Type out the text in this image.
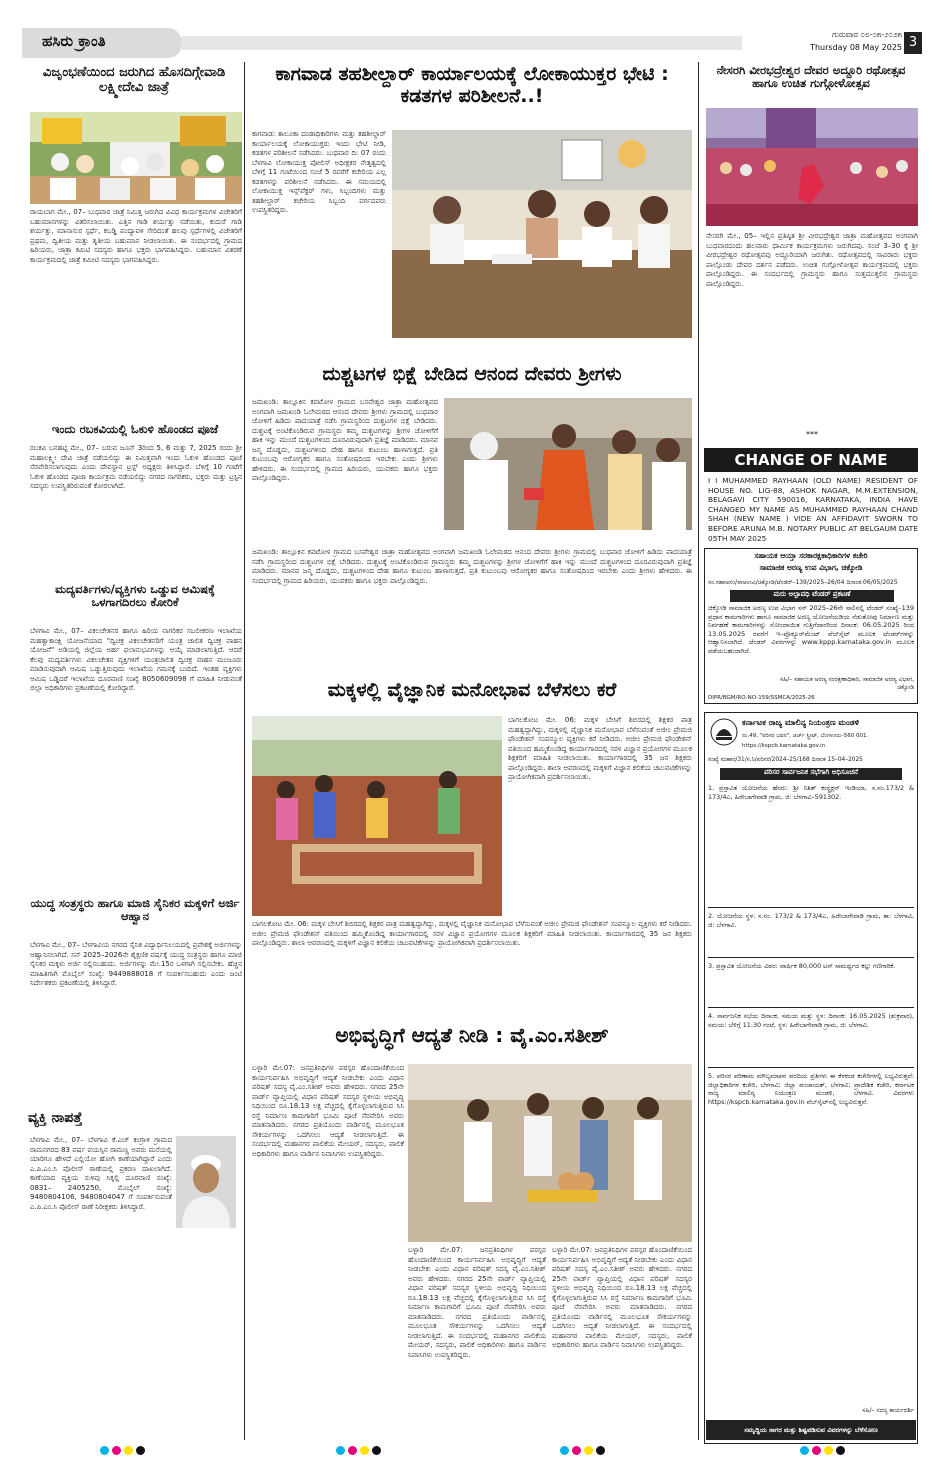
ಹಸಿರು ಕ್ರಾಂತಿ	ಗುರುವಾರ ೦೮-೦೫-೨೦೨೫
Thursday 08 May 2025 3
ವಿಜೃಂಭಣೆಯಿಂದ ಜರುಗಿದ ಹೊಸದಿಗ್ಗೇವಾಡಿ ಲಕ್ಷ್ಮೀದೇವಿ ಜಾತ್ರೆ
ರಾಯಬಾಗ ಮೇ., 07– ಬುಧವಾರ ಜಾತ್ರೆ ನಿಮಿತ್ತ ಜರುಗಿದ ವಿವಿಧ ಕಾರ್ಯಕ್ರಮಗಳ ವಿಜೇತರಿಗೆ ಬಹುಮಾನಗಳನ್ನು ವಿತರಿಸಲಾಯಿತು. ಎತ್ತಿನ ಗಾಡಿ ಶರ್ಯತ್ತು ನಡೆಯಿತು, ಕುದುರೆ ಗಾಡಿ ಶರ್ಯತ್ತು, ಮಾನಾಸುರ ಸ್ಪರ್ಧೆ, ಕಬಡ್ಡಿ ಪಂದ್ಯಾವಳಿ ಸೇರಿದಂತೆ ಹಲವು ಸ್ಪರ್ಧೆಗಳಲ್ಲಿ ವಿಜೇತರಿಗೆ ಪ್ರಥಮ, ದ್ವಿತೀಯ ಮತ್ತು ತೃತೀಯ ಬಹುಮಾನ ನೀಡಲಾಯಿತು. ಈ ಸಂದರ್ಭದಲ್ಲಿ ಗ್ರಾಮದ ಹಿರಿಯರು, ಜಾತ್ರಾ ಕಮಿಟಿ ಸದಸ್ಯರು ಹಾಗೂ ಭಕ್ತರು ಭಾಗವಹಿಸಿದ್ದರು. ಬಹುಮಾನ ವಿತರಣೆ ಕಾರ್ಯಕ್ರಮದಲ್ಲಿ ಜಾತ್ರೆ ಕಮೀಟಿ ಸದಸ್ಯರು ಭಾಗವಹಿಸಿದ್ದರು.
ಇಂದು ರಬಕವಿಯಲ್ಲಿ ಓಕುಳಿ ಹೊಂಡದ ಪೂಜೆ
ರಬಕವಿ ಬನಹಟ್ಟಿ ಮೇ., 07– ಬರುವ ಜೂನ್ 3ರಿಂದ 5, 6 ಮತ್ತು 7, 2025 ರಂದು ಶ್ರೀ ಮಹಾಲಕ್ಷ್ಮೀ ದೇವಿ ಜಾತ್ರೆ ನಡೆಯಲಿದ್ದು ಈ ನಿಮಿತ್ತವಾಗಿ ಇಂದು ಓಕುಳಿ ಹೊಂಡದ ಪೂಜೆ ನೆರವೇರಿಸಲಾಗುವುದು ಎಂದು ದೇವಸ್ಥಾನ ಟ್ರಸ್ಟ್ ಅಧ್ಯಕ್ಷರು ತಿಳಿಸಿದ್ದಾರೆ. ಬೆಳಿಗ್ಗೆ 10 ಗಂಟೆಗೆ ಓಕುಳಿ ಹೊಂಡದ ಪೂಜಾ ಕಾರ್ಯಕ್ರಮ ನಡೆಯಲಿದ್ದು ನಗರದ ನಾಗರಿಕರು, ಭಕ್ತರು ಮತ್ತು ಟ್ರಸ್ಟಿನ ಸದಸ್ಯರು ಉಪಸ್ಥಿತರಿರುವಂತೆ ಕೋರಲಾಗಿದೆ.
ಮದ್ಯವರ್ತಿಗಳು/ವ್ಯಕ್ತಿಗಳು ಒಡ್ಡುವ ಆಮಿಷಕ್ಕೆ ಒಳಗಾಗದಿರಲು ಕೋರಿಕೆ
ಬೆಳಗಾವಿ ಮೇ., 07– ವಿಕಲಚೇತನರ ಹಾಗೂ ಹಿರಿಯ ನಾಗರಿಕರ ಸಬಲೀಕರಣ ಇಲಾಖೆಯ ಮಹತ್ವಾಕಾಂಕ್ಷಿ ಯೋಜನೆಯಾದ "ದ್ವಿಚಕ್ರ ವಿಕಲಚೇತನರಿಗೆ ಯಂತ್ರ ಚಾಲಿತ ದ್ವಿಚಕ್ರ ವಾಹನ ಯೋಜನೆ" ಅಡಿಯಲ್ಲಿ ಜಿಲ್ಲೆಯ ಅರ್ಹ ಫಲಾನುಭವಿಗಳನ್ನು ಆಯ್ಕೆ ಮಾಡಲಾಗುತ್ತಿದೆ. ಆದರೆ ಕೆಲವು ಮದ್ಯವರ್ತಿಗಳು ವಿಕಲಚೇತನ ವ್ಯಕ್ತಿಗಳಿಗೆ ಯಂತ್ರಚಾಲಿತ ದ್ವಿಚಕ್ರ ವಾಹನ ಮಂಜೂರು ಮಾಡಿಸುವುದಾಗಿ ಆಮಿಷ ಒಡ್ಡುತ್ತಿರುವುದು ಇಲಾಖೆಯ ಗಮನಕ್ಕೆ ಬಂದಿದೆ. ಇಂತಹ ವ್ಯಕ್ತಿಗಳು ಆಮಿಷ ಒಡ್ಡಿದರೆ ಇಲಾಖೆಯ ದೂರವಾಣಿ ಸಂಖ್ಯೆ 8050609098 ಗೆ ಮಾಹಿತಿ ನೀಡುವಂತೆ ಜಿಲ್ಲಾ ಅಧಿಕಾರಿಗಳು ಪ್ರಕಟಣೆಯಲ್ಲಿ ಕೋರಿದ್ದಾರೆ.
ಯುದ್ಧ ಸಂತ್ರಸ್ಥರು ಹಾಗೂ ಮಾಜಿ ಸೈನಿಕರ ಮಕ್ಕಳಿಗೆ ಅರ್ಜಿ ಆಹ್ವಾನ
ಬೆಳಗಾವಿ ಮೇ., 07– ಬೆಳಗಾವಿಯ ನಗರದ ಸೈನಿಕ ವಿದ್ಯಾರ್ಥಿನಿಲಯದಲ್ಲಿ ಪ್ರವೇಶಕ್ಕೆ ಅರ್ಜಿಗಳನ್ನು ಆಹ್ವಾನಿಸಲಾಗಿದೆ. ಸನ್ 2025–2026ನೇ ಶೈಕ್ಷಣಿಕ ವರ್ಷಕ್ಕೆ ಯುದ್ಧ ಸಂತ್ರಸ್ಥರು ಹಾಗೂ ಮಾಜಿ ಸೈನಿಕರ ಮಕ್ಕಳು ಅರ್ಜಿ ಸಲ್ಲಿಸಬಹುದು. ಅರ್ಜಿಗಳನ್ನು ಮೇ.15ರ ಒಳಗಾಗಿ ಸಲ್ಲಿಸಬೇಕು. ಹೆಚ್ಚಿನ ಮಾಹಿತಿಗಾಗಿ ಮೊಬೈಲ್ ಸಂಖ್ಯೆ: 9449888018 ಗೆ ಸಂಪರ್ಕಿಸಬಹುದು ಎಂದು ಜಂಟಿ ನಿರ್ದೇಶಕರು ಪ್ರಕಟಣೆಯಲ್ಲಿ ತಿಳಿಸಿದ್ದಾರೆ.
ವ್ಯಕ್ತಿ ನಾಪತ್ತೆ
ಬೆಳಗಾವಿ ಮೇ., 07– ಬೆಳಗಾವಿ ಕೆ.ಎಚ್ ಕಂಗ್ರಾಳಿ ಗ್ರಾಮದ ರಾಮನಗರದ 83 ವರ್ಷ ವಯಸ್ಸಿನ ರಾಮಣ್ಣ ಅವರು ಮನೆಯಲ್ಲಿ ಯಾರಿಗೂ ಹೇಳದೆ ಎಲ್ಲಿಯೋ ಹೋಗಿ ಕಾಣೆಯಾಗಿದ್ದಾರೆ ಎಂದು ಎ.ಪಿ.ಎಂ.ಸಿ ಪೊಲೀಸ್ ಠಾಣೆಯಲ್ಲಿ ಪ್ರಕರಣ ದಾಖಲಾಗಿದೆ. ಕಾಣೆಯಾದ ವ್ಯಕ್ತಿಯ ಸುಳಿವು ಸಿಕ್ಕಲ್ಲಿ ದೂರವಾಣಿ ಸಂಖ್ಯೆ: 0831– 2405250, ಮೊಬೈಲ್ ಸಂಖ್ಯೆ: 9480804106, 9480804047 ಗೆ ಸಂಪರ್ಕಿಸುವಂತೆ ಎ.ಪಿ.ಎಂ.ಸಿ ಪೊಲೀಸ್ ಠಾಣೆ ನಿರೀಕ್ಷಕರು ತಿಳಿಸಿದ್ದಾರೆ.
ಕಾಗವಾಡ ತಹಶೀಲ್ದಾರ್ ಕಾರ್ಯಾಲಯಕ್ಕೆ ಲೋಕಾಯುಕ್ತರ ಭೇಟಿ : ಕಡತಗಳ ಪರಿಶೀಲನೆ..!
ಕಾಗವಾಡ: ತಾಲೂಕಾ ದಂಡಾಧಿಕಾರಿಗಳು ಮತ್ತು ತಹಶೀಲ್ದಾರ್ ಕಾರ್ಯಾಲಯಕ್ಕೆ ಲೋಕಾಯುಕ್ತರು ಇಂದು ಭೇಟಿ ನೀಡಿ, ಕಡತಗಳ ಪರಿಶೀಲನೆ ನಡೆಸಿದರು. ಬುಧವಾರ ದಿ: 07 ರಂದು ಬೆಳಗಾವಿ ಲೋಕಾಯುಕ್ತ ಪೋಲಿಸ್ ಅಧೀಕ್ಷಕರ ನೇತೃತ್ವದಲ್ಲಿ ಬೆಳಿಗ್ಗೆ 11 ಗಂಟೆಯಿಂದ ಸಂಜೆ 5 ರವರೆಗೆ ಕಚೇರಿಯ ಎಲ್ಲ ಕಡತಗಳನ್ನು ಪರಿಶೀಲನೆ ನಡೆಸಿದರು. ಈ ಸಮಯದಲ್ಲಿ ಲೋಕಾಯುಕ್ತ ಇನ್ಸ್‌ಪೆಕ್ಟರ್ ಗಳು, ಸಿಬ್ಬಂದಿಗಳು ಮತ್ತು ತಹಶೀಲ್ದಾರ್ ಕಚೇರಿಯ ಸಿಬ್ಬಂದಿ ವರ್ಗದವರು ಉಪಸ್ಥಿತರಿದ್ದರು.
ದುಶ್ಚಟಗಳ ಭಿಕ್ಷೆ ಬೇಡಿದ ಆನಂದ ದೇವರು ಶ್ರೀಗಳು
ಜಮಖಂಡಿ: ತಾಲ್ಲೂಕಿನ ಕವಟೋಳ ಗ್ರಾಮದ ಬಸವೇಶ್ವರ ಜಾತ್ರಾ ಮಹೋತ್ಸವದ ಅಂಗವಾಗಿ ಜಮಖಂಡಿ ಓಲೇಮಠದ ಆನಂದ ದೇವರು ಶ್ರೀಗಳು ಗ್ರಾಮದಲ್ಲಿ ಬುಧವಾರ ಜೋಳಿಗೆ ಹಿಡಿದು ಪಾದಯಾತ್ರೆ ನಡೆಸಿ ಗ್ರಾಮಸ್ಥರಿಂದ ದುಶ್ಚಟಗಳ ಭಿಕ್ಷೆ ಬೇಡಿದರು. ದುಶ್ಚಟಕ್ಕೆ ಅಂಟಿಕೊಂಡಿರುವ ಗ್ರಾಮಸ್ಥರು ತಮ್ಮ ದುಶ್ಚಟಗಳನ್ನು ಶ್ರೀಗಳ ಜೋಳಿಗೆಗೆ ಹಾಕಿ ಇನ್ನು ಮುಂದೆ ದುಶ್ಚಟಗಳಿಂದ ದೂರವಿರುವುದಾಗಿ ಪ್ರತಿಜ್ಞೆ ಮಾಡಿದರು. ಮಾನವ ಜನ್ಮ ದೊಡ್ಡದು, ದುಶ್ಚಟಗಳಿಂದ ದೇಹ ಹಾಗೂ ಕುಟುಂಬ ಹಾಳಾಗುತ್ತದೆ. ಪ್ರತಿ ಕುಟುಂಬವು ಆರೋಗ್ಯಕರ ಹಾಗೂ ಸಂತೋಷದಿಂದ ಇರಬೇಕು ಎಂದು ಶ್ರೀಗಳು ಹೇಳಿದರು. ಈ ಸಂದರ್ಭದಲ್ಲಿ ಗ್ರಾಮದ ಹಿರಿಯರು, ಯುವಕರು ಹಾಗೂ ಭಕ್ತರು ಪಾಲ್ಗೊಂಡಿದ್ದರು.
ಜಮಖಂಡಿ: ತಾಲ್ಲೂಕಿನ ಕವಟೋಳ ಗ್ರಾಮದ ಬಸವೇಶ್ವರ ಜಾತ್ರಾ ಮಹೋತ್ಸವದ ಅಂಗವಾಗಿ ಜಮಖಂಡಿ ಓಲೇಮಠದ ಆನಂದ ದೇವರು ಶ್ರೀಗಳು ಗ್ರಾಮದಲ್ಲಿ ಬುಧವಾರ ಜೋಳಿಗೆ ಹಿಡಿದು ಪಾದಯಾತ್ರೆ ನಡೆಸಿ ಗ್ರಾಮಸ್ಥರಿಂದ ದುಶ್ಚಟಗಳ ಭಿಕ್ಷೆ ಬೇಡಿದರು. ದುಶ್ಚಟಕ್ಕೆ ಅಂಟಿಕೊಂಡಿರುವ ಗ್ರಾಮಸ್ಥರು ತಮ್ಮ ದುಶ್ಚಟಗಳನ್ನು ಶ್ರೀಗಳ ಜೋಳಿಗೆಗೆ ಹಾಕಿ ಇನ್ನು ಮುಂದೆ ದುಶ್ಚಟಗಳಿಂದ ದೂರವಿರುವುದಾಗಿ ಪ್ರತಿಜ್ಞೆ ಮಾಡಿದರು. ಮಾನವ ಜನ್ಮ ದೊಡ್ಡದು, ದುಶ್ಚಟಗಳಿಂದ ದೇಹ ಹಾಗೂ ಕುಟುಂಬ ಹಾಳಾಗುತ್ತದೆ. ಪ್ರತಿ ಕುಟುಂಬವು ಆರೋಗ್ಯಕರ ಹಾಗೂ ಸಂತೋಷದಿಂದ ಇರಬೇಕು ಎಂದು ಶ್ರೀಗಳು ಹೇಳಿದರು. ಈ ಸಂದರ್ಭದಲ್ಲಿ ಗ್ರಾಮದ ಹಿರಿಯರು, ಯುವಕರು ಹಾಗೂ ಭಕ್ತರು ಪಾಲ್ಗೊಂಡಿದ್ದರು.
ಮಕ್ಕಳಲ್ಲಿ ವೈಜ್ಞಾನಿಕ ಮನೋಭಾವ ಬೆಳೆಸಲು ಕರೆ
ಬಾಗಲಕೋಟ ಮೇ. 06: ಮಕ್ಕಳ ಬೇಸಿಗೆ ಶಿಬಿರದಲ್ಲಿ ಶಿಕ್ಷಕರ ಪಾತ್ರ ಮಹತ್ವದ್ದಾಗಿದ್ದು, ಮಕ್ಕಳಲ್ಲಿ ವೈಜ್ಞಾನಿಕ ಮನೋಭಾವ ಬೆಳೆಸುವಂತೆ ಅಜೀಂ ಪ್ರೇಮಜಿ ಫೌಂಡೇಶನ್ ಸಂಪನ್ಮೂಲ ವ್ಯಕ್ತಿಗಳು ಕರೆ ನೀಡಿದರು. ಅಜೀಂ ಪ್ರೇಮಜಿ ಫೌಂಡೇಶನ್ ವತಿಯಿಂದ ಹಮ್ಮಿಕೊಂಡಿದ್ದ ಕಾರ್ಯಾಗಾರದಲ್ಲಿ ಸರಳ ವಿಜ್ಞಾನ ಪ್ರಯೋಗಗಳ ಮೂಲಕ ಶಿಕ್ಷಕರಿಗೆ ಮಾಹಿತಿ ನೀಡಲಾಯಿತು. ಕಾರ್ಯಾಗಾರದಲ್ಲಿ 35 ಜನ ಶಿಕ್ಷಕರು ಪಾಲ್ಗೊಂಡಿದ್ದರು. ಶಾಲಾ ಆವರಣದಲ್ಲಿ ಮಕ್ಕಳಿಗೆ ವಿಜ್ಞಾನ ಕಲಿಕೆಯ ಚಟುವಟಿಕೆಗಳನ್ನು ಪ್ರಾಯೋಗಿಕವಾಗಿ ಪ್ರದರ್ಶಿಸಲಾಯಿತು.
ಬಾಗಲಕೋಟ ಮೇ. 06: ಮಕ್ಕಳ ಬೇಸಿಗೆ ಶಿಬಿರದಲ್ಲಿ ಶಿಕ್ಷಕರ ಪಾತ್ರ ಮಹತ್ವದ್ದಾಗಿದ್ದು, ಮಕ್ಕಳಲ್ಲಿ ವೈಜ್ಞಾನಿಕ ಮನೋಭಾವ ಬೆಳೆಸುವಂತೆ ಅಜೀಂ ಪ್ರೇಮಜಿ ಫೌಂಡೇಶನ್ ಸಂಪನ್ಮೂಲ ವ್ಯಕ್ತಿಗಳು ಕರೆ ನೀಡಿದರು. ಅಜೀಂ ಪ್ರೇಮಜಿ ಫೌಂಡೇಶನ್ ವತಿಯಿಂದ ಹಮ್ಮಿಕೊಂಡಿದ್ದ ಕಾರ್ಯಾಗಾರದಲ್ಲಿ ಸರಳ ವಿಜ್ಞಾನ ಪ್ರಯೋಗಗಳ ಮೂಲಕ ಶಿಕ್ಷಕರಿಗೆ ಮಾಹಿತಿ ನೀಡಲಾಯಿತು. ಕಾರ್ಯಾಗಾರದಲ್ಲಿ 35 ಜನ ಶಿಕ್ಷಕರು ಪಾಲ್ಗೊಂಡಿದ್ದರು. ಶಾಲಾ ಆವರಣದಲ್ಲಿ ಮಕ್ಕಳಿಗೆ ವಿಜ್ಞಾನ ಕಲಿಕೆಯ ಚಟುವಟಿಕೆಗಳನ್ನು ಪ್ರಾಯೋಗಿಕವಾಗಿ ಪ್ರದರ್ಶಿಸಲಾಯಿತು.
ಅಭಿವೃದ್ಧಿಗೆ ಆದ್ಯತೆ ನೀಡಿ : ವೈ.ಎಂ.ಸತೀಶ್
ಬಳ್ಳಾರಿ ಮೇ.07: ಜನಪ್ರತಿನಿಧಿಗಳ ಪರಸ್ಪರ ಹೊಂದಾಣಿಕೆಯಿಂದ ಕಾರ್ಯನಿರ್ವಹಿಸಿ ಅಭಿವೃದ್ಧಿಗೆ ಆದ್ಯತೆ ನೀಡಬೇಕು ಎಂದು ವಿಧಾನ ಪರಿಷತ್ ಸದಸ್ಯ ವೈ.ಎಂ.ಸತೀಶ್ ಅವರು ಹೇಳಿದರು. ನಗರದ 25ನೇ ವಾರ್ಡ್ ವ್ಯಾಪ್ತಿಯಲ್ಲಿ ವಿಧಾನ ಪರಿಷತ್ ಸದಸ್ಯರ ಸ್ಥಳೀಯ ಅಭಿವೃದ್ಧಿ ನಿಧಿಯಿಂದ ರೂ.18.13 ಲಕ್ಷ ವೆಚ್ಚದಲ್ಲಿ ಕೈಗೊಳ್ಳಲಾಗುತ್ತಿರುವ ಸಿಸಿ ರಸ್ತೆ ನಿರ್ಮಾಣ ಕಾಮಗಾರಿಗೆ ಭೂಮಿ ಪೂಜೆ ನೆರವೇರಿಸಿ ಅವರು ಮಾತನಾಡಿದರು. ನಗರದ ಪ್ರತಿಯೊಂದು ವಾರ್ಡಿನಲ್ಲಿ ಮೂಲಭೂತ ಸೌಕರ್ಯಗಳನ್ನು ಒದಗಿಸಲು ಆದ್ಯತೆ ನೀಡಲಾಗುತ್ತಿದೆ. ಈ ಸಂದರ್ಭದಲ್ಲಿ ಮಹಾನಗರ ಪಾಲಿಕೆಯ ಮೇಯರ್, ಸದಸ್ಯರು, ಪಾಲಿಕೆ ಅಧಿಕಾರಿಗಳು ಹಾಗೂ ವಾರ್ಡಿನ ನಿವಾಸಿಗಳು ಉಪಸ್ಥಿತರಿದ್ದರು.
ಬಳ್ಳಾರಿ ಮೇ.07: ಜನಪ್ರತಿನಿಧಿಗಳ ಪರಸ್ಪರ ಹೊಂದಾಣಿಕೆಯಿಂದ ಕಾರ್ಯನಿರ್ವಹಿಸಿ ಅಭಿವೃದ್ಧಿಗೆ ಆದ್ಯತೆ ನೀಡಬೇಕು ಎಂದು ವಿಧಾನ ಪರಿಷತ್ ಸದಸ್ಯ ವೈ.ಎಂ.ಸತೀಶ್ ಅವರು ಹೇಳಿದರು. ನಗರದ 25ನೇ ವಾರ್ಡ್ ವ್ಯಾಪ್ತಿಯಲ್ಲಿ ವಿಧಾನ ಪರಿಷತ್ ಸದಸ್ಯರ ಸ್ಥಳೀಯ ಅಭಿವೃದ್ಧಿ ನಿಧಿಯಿಂದ ರೂ.18.13 ಲಕ್ಷ ವೆಚ್ಚದಲ್ಲಿ ಕೈಗೊಳ್ಳಲಾಗುತ್ತಿರುವ ಸಿಸಿ ರಸ್ತೆ ನಿರ್ಮಾಣ ಕಾಮಗಾರಿಗೆ ಭೂಮಿ ಪೂಜೆ ನೆರವೇರಿಸಿ ಅವರು ಮಾತನಾಡಿದರು. ನಗರದ ಪ್ರತಿಯೊಂದು ವಾರ್ಡಿನಲ್ಲಿ ಮೂಲಭೂತ ಸೌಕರ್ಯಗಳನ್ನು ಒದಗಿಸಲು ಆದ್ಯತೆ ನೀಡಲಾಗುತ್ತಿದೆ. ಈ ಸಂದರ್ಭದಲ್ಲಿ ಮಹಾನಗರ ಪಾಲಿಕೆಯ ಮೇಯರ್, ಸದಸ್ಯರು, ಪಾಲಿಕೆ ಅಧಿಕಾರಿಗಳು ಹಾಗೂ ವಾರ್ಡಿನ ನಿವಾಸಿಗಳು ಉಪಸ್ಥಿತರಿದ್ದರು.
ಬಳ್ಳಾರಿ ಮೇ.07: ಜನಪ್ರತಿನಿಧಿಗಳ ಪರಸ್ಪರ ಹೊಂದಾಣಿಕೆಯಿಂದ ಕಾರ್ಯನಿರ್ವಹಿಸಿ ಅಭಿವೃದ್ಧಿಗೆ ಆದ್ಯತೆ ನೀಡಬೇಕು ಎಂದು ವಿಧಾನ ಪರಿಷತ್ ಸದಸ್ಯ ವೈ.ಎಂ.ಸತೀಶ್ ಅವರು ಹೇಳಿದರು. ನಗರದ 25ನೇ ವಾರ್ಡ್ ವ್ಯಾಪ್ತಿಯಲ್ಲಿ ವಿಧಾನ ಪರಿಷತ್ ಸದಸ್ಯರ ಸ್ಥಳೀಯ ಅಭಿವೃದ್ಧಿ ನಿಧಿಯಿಂದ ರೂ.18.13 ಲಕ್ಷ ವೆಚ್ಚದಲ್ಲಿ ಕೈಗೊಳ್ಳಲಾಗುತ್ತಿರುವ ಸಿಸಿ ರಸ್ತೆ ನಿರ್ಮಾಣ ಕಾಮಗಾರಿಗೆ ಭೂಮಿ ಪೂಜೆ ನೆರವೇರಿಸಿ ಅವರು ಮಾತನಾಡಿದರು. ನಗರದ ಪ್ರತಿಯೊಂದು ವಾರ್ಡಿನಲ್ಲಿ ಮೂಲಭೂತ ಸೌಕರ್ಯಗಳನ್ನು ಒದಗಿಸಲು ಆದ್ಯತೆ ನೀಡಲಾಗುತ್ತಿದೆ. ಈ ಸಂದರ್ಭದಲ್ಲಿ ಮಹಾನಗರ ಪಾಲಿಕೆಯ ಮೇಯರ್, ಸದಸ್ಯರು, ಪಾಲಿಕೆ ಅಧಿಕಾರಿಗಳು ಹಾಗೂ ವಾರ್ಡಿನ ನಿವಾಸಿಗಳು ಉಪಸ್ಥಿತರಿದ್ದರು.
ನೇಸರಗಿ ವೀರಭದ್ರೇಶ್ವರ ದೇವರ ಅದ್ದೂರಿ ರಥೋತ್ಸವ ಹಾಗೂ ಉಚಿತ ಗುಗ್ಗೋಳೋತ್ಸವ
ನೇಸರಗಿ ಮೇ., 05– ಇಲ್ಲಿನ ಪ್ರತಿಷ್ಠಿತ ಶ್ರೀ ವೀರಭದ್ರೇಶ್ವರ ಜಾತ್ರಾ ಮಹೋತ್ಸವದ ಅಂಗವಾಗಿ ಬುಧವಾರದಂದು ಹಲವಾರು ಧಾರ್ಮಿಕ ಕಾರ್ಯಕ್ರಮಗಳು ಜರುಗಿದವು. ಸಂಜೆ 3–30 ಕ್ಕೆ ಶ್ರೀ ವೀರಭದ್ರೇಶ್ವರ ರಥೋತ್ಸವವು ಅದ್ದೂರಿಯಾಗಿ ಜರುಗಿತು. ರಥೋತ್ಸವದಲ್ಲಿ ಸಾವಿರಾರು ಭಕ್ತರು ಪಾಲ್ಗೊಂಡು ದೇವರ ದರ್ಶನ ಪಡೆದರು. ಉಚಿತ ಗುಗ್ಗೋಳೋತ್ಸವ ಕಾರ್ಯಕ್ರಮದಲ್ಲಿ ಭಕ್ತರು ಪಾಲ್ಗೊಂಡಿದ್ದರು. ಈ ಸಂದರ್ಭದಲ್ಲಿ ಗ್ರಾಮಸ್ಥರು ಹಾಗೂ ಸುತ್ತಮುತ್ತಲಿನ ಗ್ರಾಮಸ್ಥರು ಪಾಲ್ಗೊಂಡಿದ್ದರು.
***
CHANGE OF NAME
I I MUHAMMED RAYHAAN (OLD NAME) RESIDENT OF HOUSE NO. LIG-88, ASHOK NAGAR, M.M.EXTENSION, BELAGAVI CITY 590016, KARNATAKA, INDIA HAVE CHANGED MY NAME AS MUHAMMED RAYHAAN CHAND SHAH (NEW NAME ) VIDE AN AFFIDAVIT SWORN TO BEFORE ARUNA M.B. NOTARY PUBLIC AT BELGAUM DATE 05TH MAY 2025
ಸಹಾಯಕ ಆಯ್ತಾ ಸರಕಾರಕ್ಷಕಾಧಿಕಾರಿಗಳ ಕಚೇರಿ
ಸಾಮಾಜಿಕ ಅರಣ್ಯ ಉಪ ವಿಭಾಗ, ಚಿಕ್ಕೋಡಿ
ಸಂ.ಸಹಾಅಸಂ/ಸಾಅಉವಿ/ಚಿಕ್ಕೋಡಿ/ಟೆಂಡರ್‌–139/2025–26/04 ದಿನಾಂಕ:06/05/2025
ಮರು ಅಲ್ಪಾವಧಿ ಟೆಂಡರ್ ಪ್ರಕಟಣೆ
ಚಿಕ್ಕೋಡಿ ಸಾಮಾಜಿಕ ಅರಣ್ಯ ಉಪ ವಿಭಾಗ ಸನ್ 2025–26ನೇ ಸಾಲಿನಲ್ಲಿ ಟೆಂಡರ್ ಸಂಖ್ಯೆ–139 ಪ್ರಧಾನ ಕಾಮಗಾರಿಗಳು ಹಾಗೂ ಸಾಮಾಜಿಕ ಅರಣ್ಯ ಯೋಜನೆಯಡಿಯ ನೆಡುತೋಪು ನಿರ್ಮಾಣ ಮತ್ತು ನಿರ್ವಹಣೆ ಕಾಮಗಾರಿಗಳನ್ನು ನೋಂದಾಯಿತ ಗುತ್ತಿಗೆದಾರರಿಂದ ದಿನಾಂಕ: 06.05.2025 ರಿಂದ 13.05.2025 ರವರೆಗೆ ಇ–ಪ್ರೊಕ್ಯೂರ್‌ಮೆಂಟ್ ವೆಬ್‌ಸೈಟ್ ಮೂಲಕ ಟೆಂಡರ್‌ಗಳನ್ನು ಆಹ್ವಾನಿಸಲಾಗಿದೆ. ಟೆಂಡರ್ ವಿವರಗಳನ್ನು www.kppp.karnataka.gov.in ಮೂಲಕ ಪಡೆಯಬಹುದಾಗಿದೆ.
ಸಹಿ/– ಸಹಾಯಕ ಅರಣ್ಯ ಸಂರಕ್ಷಣಾಧಿಕಾರಿ, ಸಾಮಾಜಿಕ ಅರಣ್ಯ ವಿಭಾಗ, ಚಿಕ್ಕೋಡಿ
DIPR/BGM/RO-NO-159/SSMCA/2025-26
ಕರ್ನಾಟಕ ರಾಜ್ಯ ಮಾಲಿನ್ಯ ನಿಯಂತ್ರಣ ಮಂಡಳಿ
ನಂ.49, "ಪರಿಸರ ಭವನ", ಚರ್ಚ್ ಸ್ಟ್ರೀಟ್, ಬೆಂಗಳೂರು–560 001.
https://kspcb.karnataka.gov.in
ಸಂಖ್ಯೆ ಮಹಾರ/31/ಸ.ನಿ/ಪರಿಸರ/2024–25/168 ದಿನಾಂಕ 15–04–2025
ಪರಿಸರ ಸಾರ್ವಜನಿಕ ಸಭೆಗಾಗಿ ಅಧಿಸೂಚನೆ
1. ಪ್ರಸ್ತಾವಿತ ಯೋಜನೆಯ ಹೆಸರು: ಶ್ರೀ ನಿಶಿತ್ ಕಂಸ್ಟ್ರಕ್ಷನ್ ಇಂಡಿಯಾ, ಸ.ನಂ.173/2 & 173/4ಎ, ಹಿರೇಬಾಗೇವಾಡಿ ಗ್ರಾಮ, ಜಿ: ಬೆಳಗಾವಿ–591302.
2. ಯೋಜನೆಯ ಸ್ಥಳ: ಸ.ನಂ. 173/2 & 173/4ಎ, ಹಿರೇಬಾಗೇವಾಡಿ ಗ್ರಾಮ, ತಾ: ಬೆಳಗಾವಿ, ಜಿ: ಬೆಳಗಾವಿ.
3. ಪ್ರಸ್ತಾವಿತ ಯೋಜನೆಯ ವಿವರ: ವಾರ್ಷಿಕ 80,000 ಟನ್ ಸಾಮರ್ಥ್ಯದ ಕಲ್ಲು ಗಣಿಗಾರಿಕೆ.
4. ಸಾರ್ವಜನಿಕ ಸಭೆಯ ದಿನಾಂಕ, ಸಮಯ ಮತ್ತು ಸ್ಥಳ: ದಿನಾಂಕ: 16.05.2025 (ಶುಕ್ರವಾರ), ಸಮಯ: ಬೆಳಿಗ್ಗೆ 11:30 ಗಂಟೆ, ಸ್ಥಳ: ಹಿರೇಬಾಗೇವಾಡಿ ಗ್ರಾಮ, ಜಿ: ಬೆಳಗಾವಿ.
5. ಪರಿಸರ ಪರಿಣಾಮ ಮೌಲ್ಯಮಾಪನ ವರದಿಯ ಪ್ರತಿಗಳು ಈ ಕೆಳಕಂಡ ಕಚೇರಿಗಳಲ್ಲಿ ಲಭ್ಯವಿರುತ್ತವೆ: ಜಿಲ್ಲಾಧಿಕಾರಿಗಳ ಕಚೇರಿ, ಬೆಳಗಾವಿ; ಜಿಲ್ಲಾ ಪಂಚಾಯತ್, ಬೆಳಗಾವಿ; ಪ್ರಾದೇಶಿಕ ಕಚೇರಿ, ಕರ್ನಾಟಕ ರಾಜ್ಯ ಮಾಲಿನ್ಯ ನಿಯಂತ್ರಣ ಮಂಡಳಿ, ಬೆಳಗಾವಿ. ವಿವರಗಳು https://kspcb.karnataka.gov.in ವೆಬ್‌ಸೈಟ್‌ನಲ್ಲಿ ಲಭ್ಯವಿರುತ್ತವೆ.
ಸಹಿ/– ಸದಸ್ಯ ಕಾರ್ಯದರ್ಶಿ
ಸಮೃದ್ಧಿಯ ಸಾಗರ ಮತ್ತು ಶಿಷ್ಟಪಡಿಸುವ ವಿವರಗಳನ್ನು ಬೆಳೆಸೋಣ
